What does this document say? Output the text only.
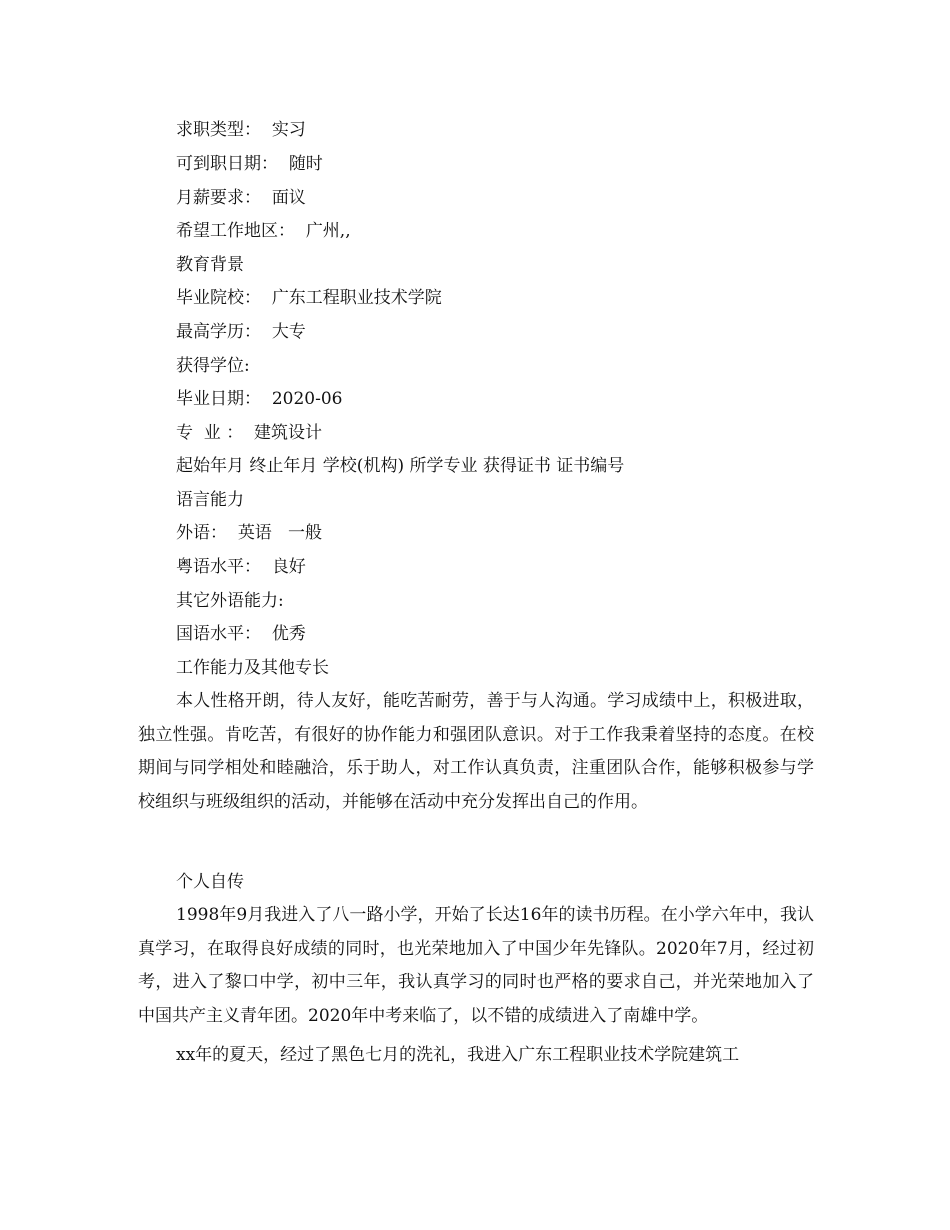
求职类型： 实习
可到职日期： 随时
月薪要求： 面议
希望工作地区： 广州,,
教育背景
毕业院校： 广东工程职业技术学院
最高学历： 大专
获得学位:
毕业日期： 2020-06
专  业 ： 建筑设计
起始年月 终止年月 学校(机构) 所学专业 获得证书 证书编号
语言能力
外语： 英语 一般
粤语水平： 良好
其它外语能力:
国语水平： 优秀
工作能力及其他专长

本人性格开朗，待人友好，能吃苦耐劳，善于与人沟通。学习成绩中上，积极进取，独立性强。肯吃苦，有很好的协作能力和强团队意识。对于工作我秉着坚持的态度。在校期间与同学相处和睦融洽，乐于助人，对工作认真负责，注重团队合作，能够积极参与学校组织与班级组织的活动，并能够在活动中充分发挥出自己的作用。

个人自传

1998年9月我进入了八一路小学，开始了长达16年的读书历程。在小学六年中，我认真学习，在取得良好成绩的同时，也光荣地加入了中国少年先锋队。2020年7月，经过初考，进入了黎口中学，初中三年，我认真学习的同时也严格的要求自己，并光荣地加入了中国共产主义青年团。2020年中考来临了，以不错的成绩进入了南雄中学。

xx年的夏天，经过了黑色七月的洗礼，我进入广东工程职业技术学院建筑工
